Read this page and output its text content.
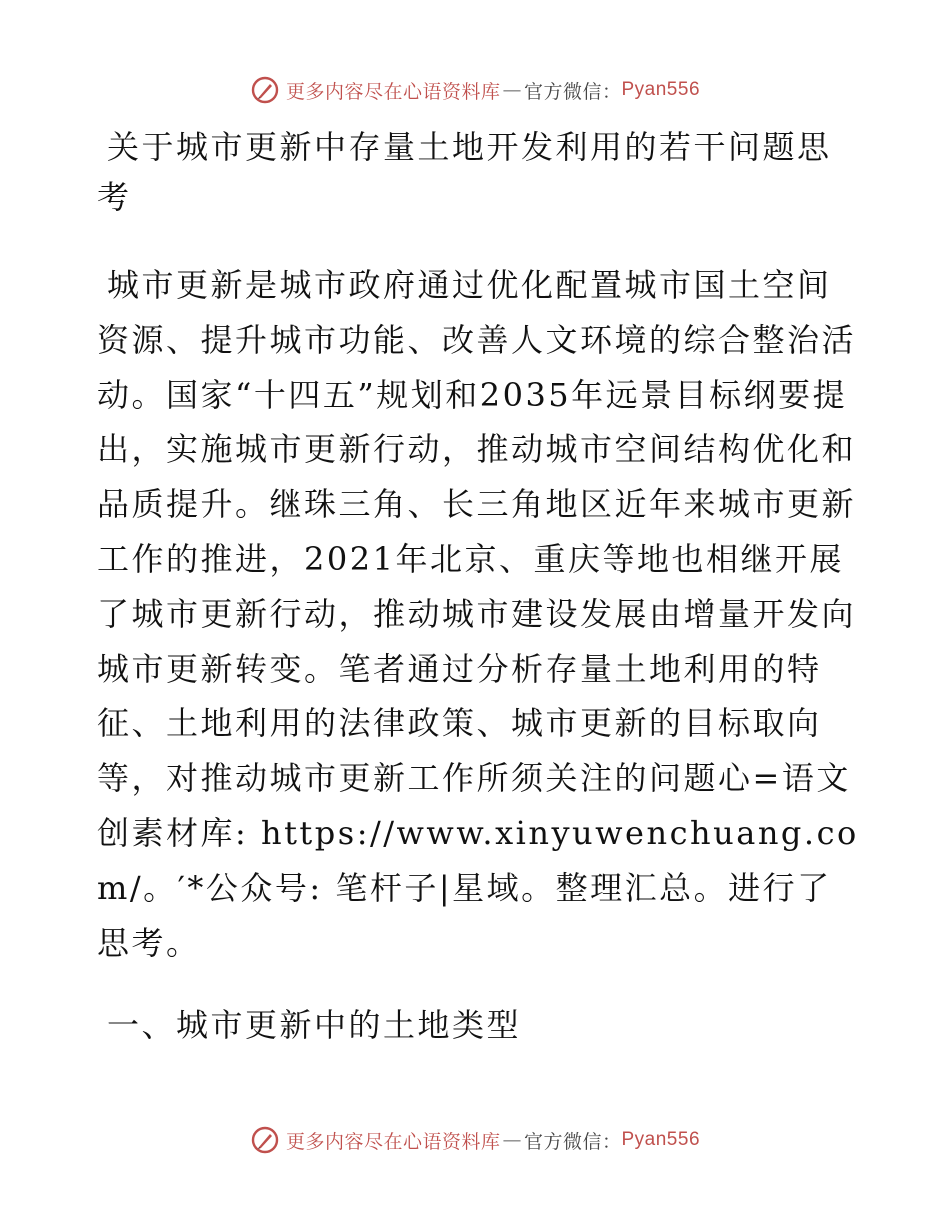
更多内容尽在心语资料库 — 官方微信： Pyan556
关于城市更新中存量土地开发利用的若干问题思考

城市更新是城市政府通过优化配置城市国土空间资源、提升城市功能、改善人文环境的综合整治活动。国家“十四五”规划和2035年远景目标纲要提出，实施城市更新行动，推动城市空间结构优化和品质提升。继珠三角、长三角地区近年来城市更新工作的推进，2021年北京、重庆等地也相继开展了城市更新行动，推动城市建设发展由增量开发向城市更新转变。笔者通过分析存量土地利用的特征、土地利用的法律政策、城市更新的目标取向等，对推动城市更新工作所须关注的问题心=语文创素材库: https://www.xinyuwenchuang.com/。′*公众号: 笔杆子|星域。整理汇总。进行了思考。

一、城市更新中的土地类型
更多内容尽在心语资料库 — 官方微信： Pyan556
